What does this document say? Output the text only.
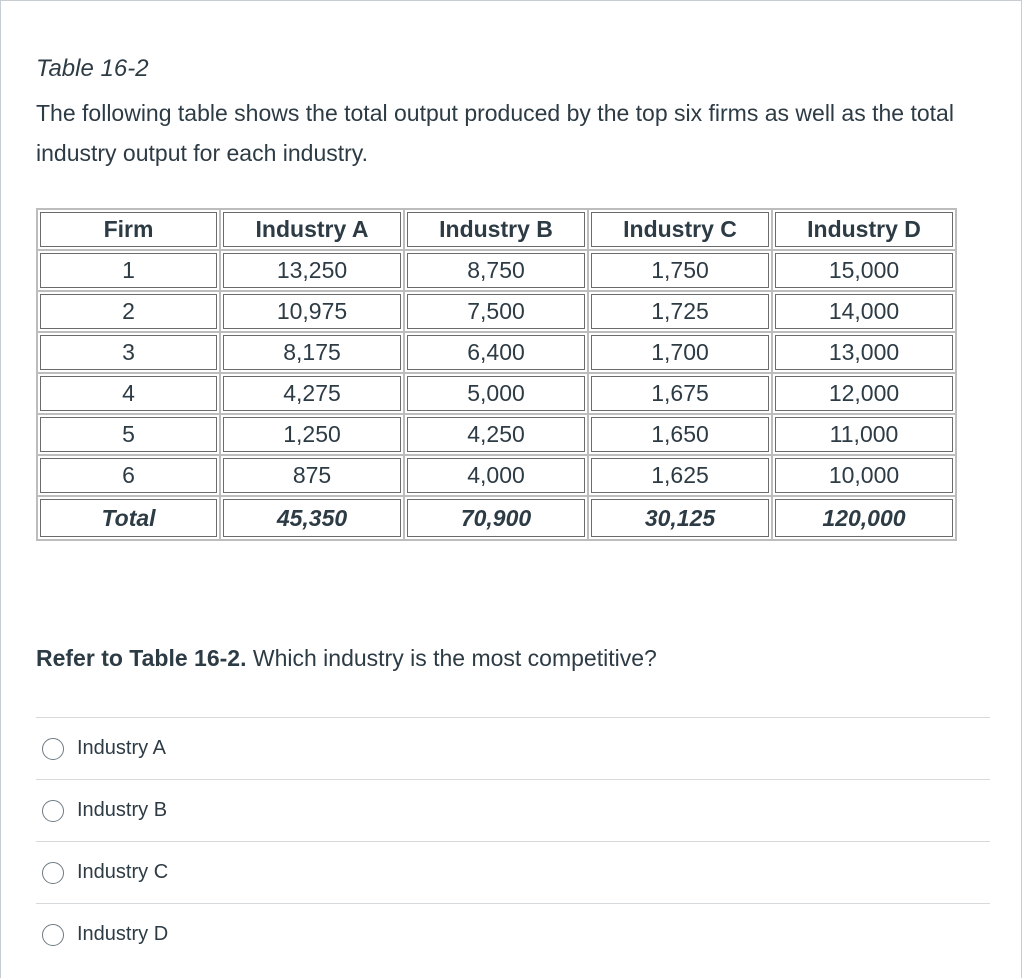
Table 16-2

The following table shows the total output produced by the top six firms as well as the total industry output for each industry.

Firm	Industry A	Industry B	Industry C	Industry D
1	13,250	8,750	1,750	15,000
2	10,975	7,500	1,725	14,000
3	8,175	6,400	1,700	13,000
4	4,275	5,000	1,675	12,000
5	1,250	4,250	1,650	11,000
6	875	4,000	1,625	10,000
Total	45,350	70,900	30,125	120,000

Refer to Table 16-2. Which industry is the most competitive?

Industry A
Industry B
Industry C
Industry D
